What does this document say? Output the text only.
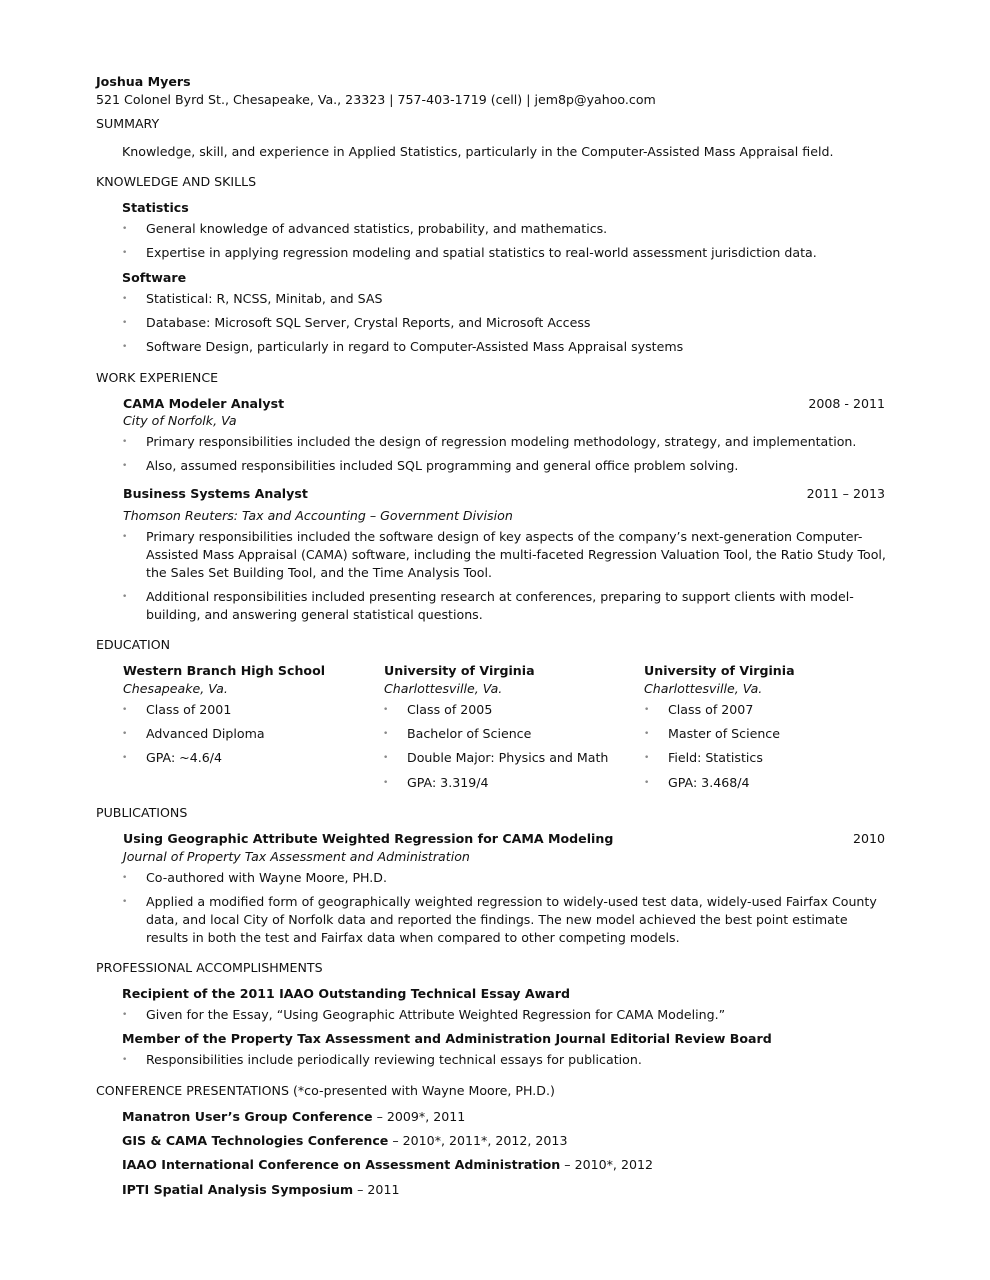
Joshua Myers
521 Colonel Byrd St., Chesapeake, Va., 23323 | 757-403-1719 (cell) | jem8p@yahoo.com
SUMMARY
Knowledge, skill, and experience in Applied Statistics, particularly in the Computer-Assisted Mass Appraisal field.
KNOWLEDGE AND SKILLS
Statistics
• General knowledge of advanced statistics, probability, and mathematics.
• Expertise in applying regression modeling and spatial statistics to real-world assessment jurisdiction data.
Software
• Statistical: R, NCSS, Minitab, and SAS
• Database: Microsoft SQL Server, Crystal Reports, and Microsoft Access
• Software Design, particularly in regard to Computer-Assisted Mass Appraisal systems
WORK EXPERIENCE
CAMA Modeler Analyst	2008 - 2011
City of Norfolk, Va
• Primary responsibilities included the design of regression modeling methodology, strategy, and implementation.
• Also, assumed responsibilities included SQL programming and general office problem solving.
Business Systems Analyst	2011 – 2013
Thomson Reuters: Tax and Accounting – Government Division
• Primary responsibilities included the software design of key aspects of the company’s next-generation Computer-Assisted Mass Appraisal (CAMA) software, including the multi-faceted Regression Valuation Tool, the Ratio Study Tool, the Sales Set Building Tool, and the Time Analysis Tool.
• Additional responsibilities included presenting research at conferences, preparing to support clients with model-building, and answering general statistical questions.
EDUCATION
Western Branch High School
Chesapeake, Va.
• Class of 2001
• Advanced Diploma
• GPA: ~4.6/4
University of Virginia
Charlottesville, Va.
• Class of 2005
• Bachelor of Science
• Double Major: Physics and Math
• GPA: 3.319/4
University of Virginia
Charlottesville, Va.
• Class of 2007
• Master of Science
• Field: Statistics
• GPA: 3.468/4
PUBLICATIONS
Using Geographic Attribute Weighted Regression for CAMA Modeling	2010
Journal of Property Tax Assessment and Administration
• Co-authored with Wayne Moore, PH.D.
• Applied a modified form of geographically weighted regression to widely-used test data, widely-used Fairfax County data, and local City of Norfolk data and reported the findings. The new model achieved the best point estimate results in both the test and Fairfax data when compared to other competing models.
PROFESSIONAL ACCOMPLISHMENTS
Recipient of the 2011 IAAO Outstanding Technical Essay Award
• Given for the Essay, “Using Geographic Attribute Weighted Regression for CAMA Modeling.”
Member of the Property Tax Assessment and Administration Journal Editorial Review Board
• Responsibilities include periodically reviewing technical essays for publication.
CONFERENCE PRESENTATIONS (*co-presented with Wayne Moore, PH.D.)
Manatron User’s Group Conference – 2009*, 2011
GIS & CAMA Technologies Conference – 2010*, 2011*, 2012, 2013
IAAO International Conference on Assessment Administration – 2010*, 2012
IPTI Spatial Analysis Symposium – 2011
